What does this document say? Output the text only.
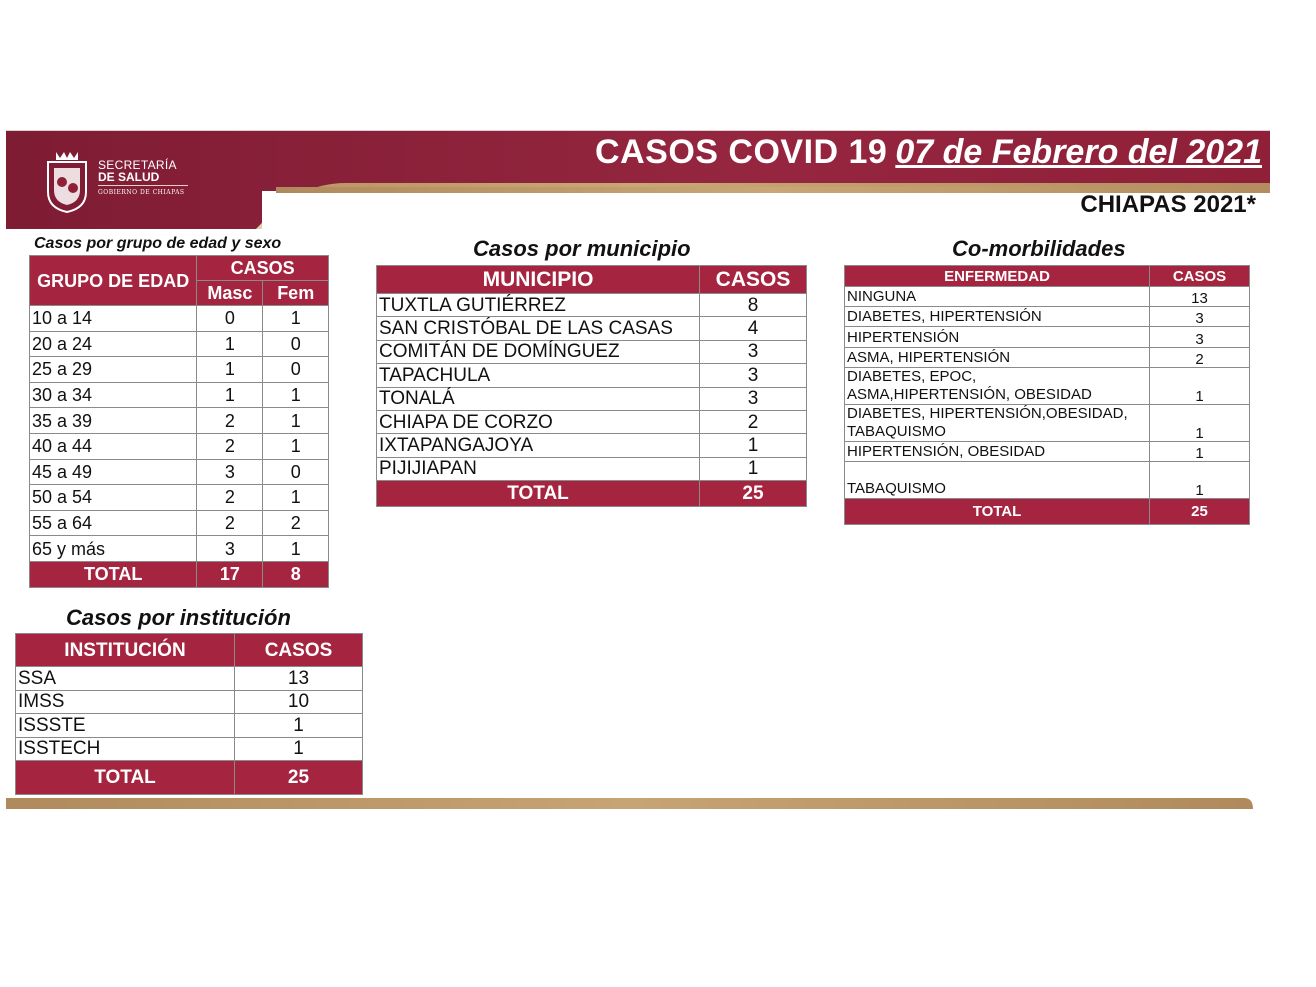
SECRETARÍA
DE SALUD
GOBIERNO DE CHIAPAS
CASOS COVID 19 07 de Febrero del 2021
CHIAPAS 2021*
Casos por grupo de edad y sexo
GRUPO DE EDAD	CASOS	
	Masc	Fem
10 a 14	0	1
20 a 24	1	0
25 a 29	1	0
30 a 34	1	1
35 a 39	2	1
40 a 44	2	1
45 a 49	3	0
50 a 54	2	1
55 a 64	2	2
65 y más	3	1
TOTAL	17	8
Casos por municipio
MUNICIPIO	CASOS
TUXTLA GUTIÉRREZ	8
SAN CRISTÓBAL DE LAS CASAS	4
COMITÁN DE DOMÍNGUEZ	3
TAPACHULA	3
TONALÁ	3
CHIAPA DE CORZO	2
IXTAPANGAJOYA	1
PIJIJIAPAN	1
TOTAL	25
Co-morbilidades
ENFERMEDAD	CASOS

NINGUNA	13

DIABETES, HIPERTENSIÓN	3

HIPERTENSIÓN	3

ASMA, HIPERTENSIÓN	2

DIABETES, EPOC,
ASMA,HIPERTENSIÓN, OBESIDAD	1

DIABETES, HIPERTENSIÓN,OBESIDAD,
TABAQUISMO	1

HIPERTENSIÓN, OBESIDAD	1

TABAQUISMO	1
TOTAL	25
Casos por institución
INSTITUCIÓN	CASOS
SSA	13
IMSS	10
ISSSTE	1
ISSTECH	1
TOTAL	25
